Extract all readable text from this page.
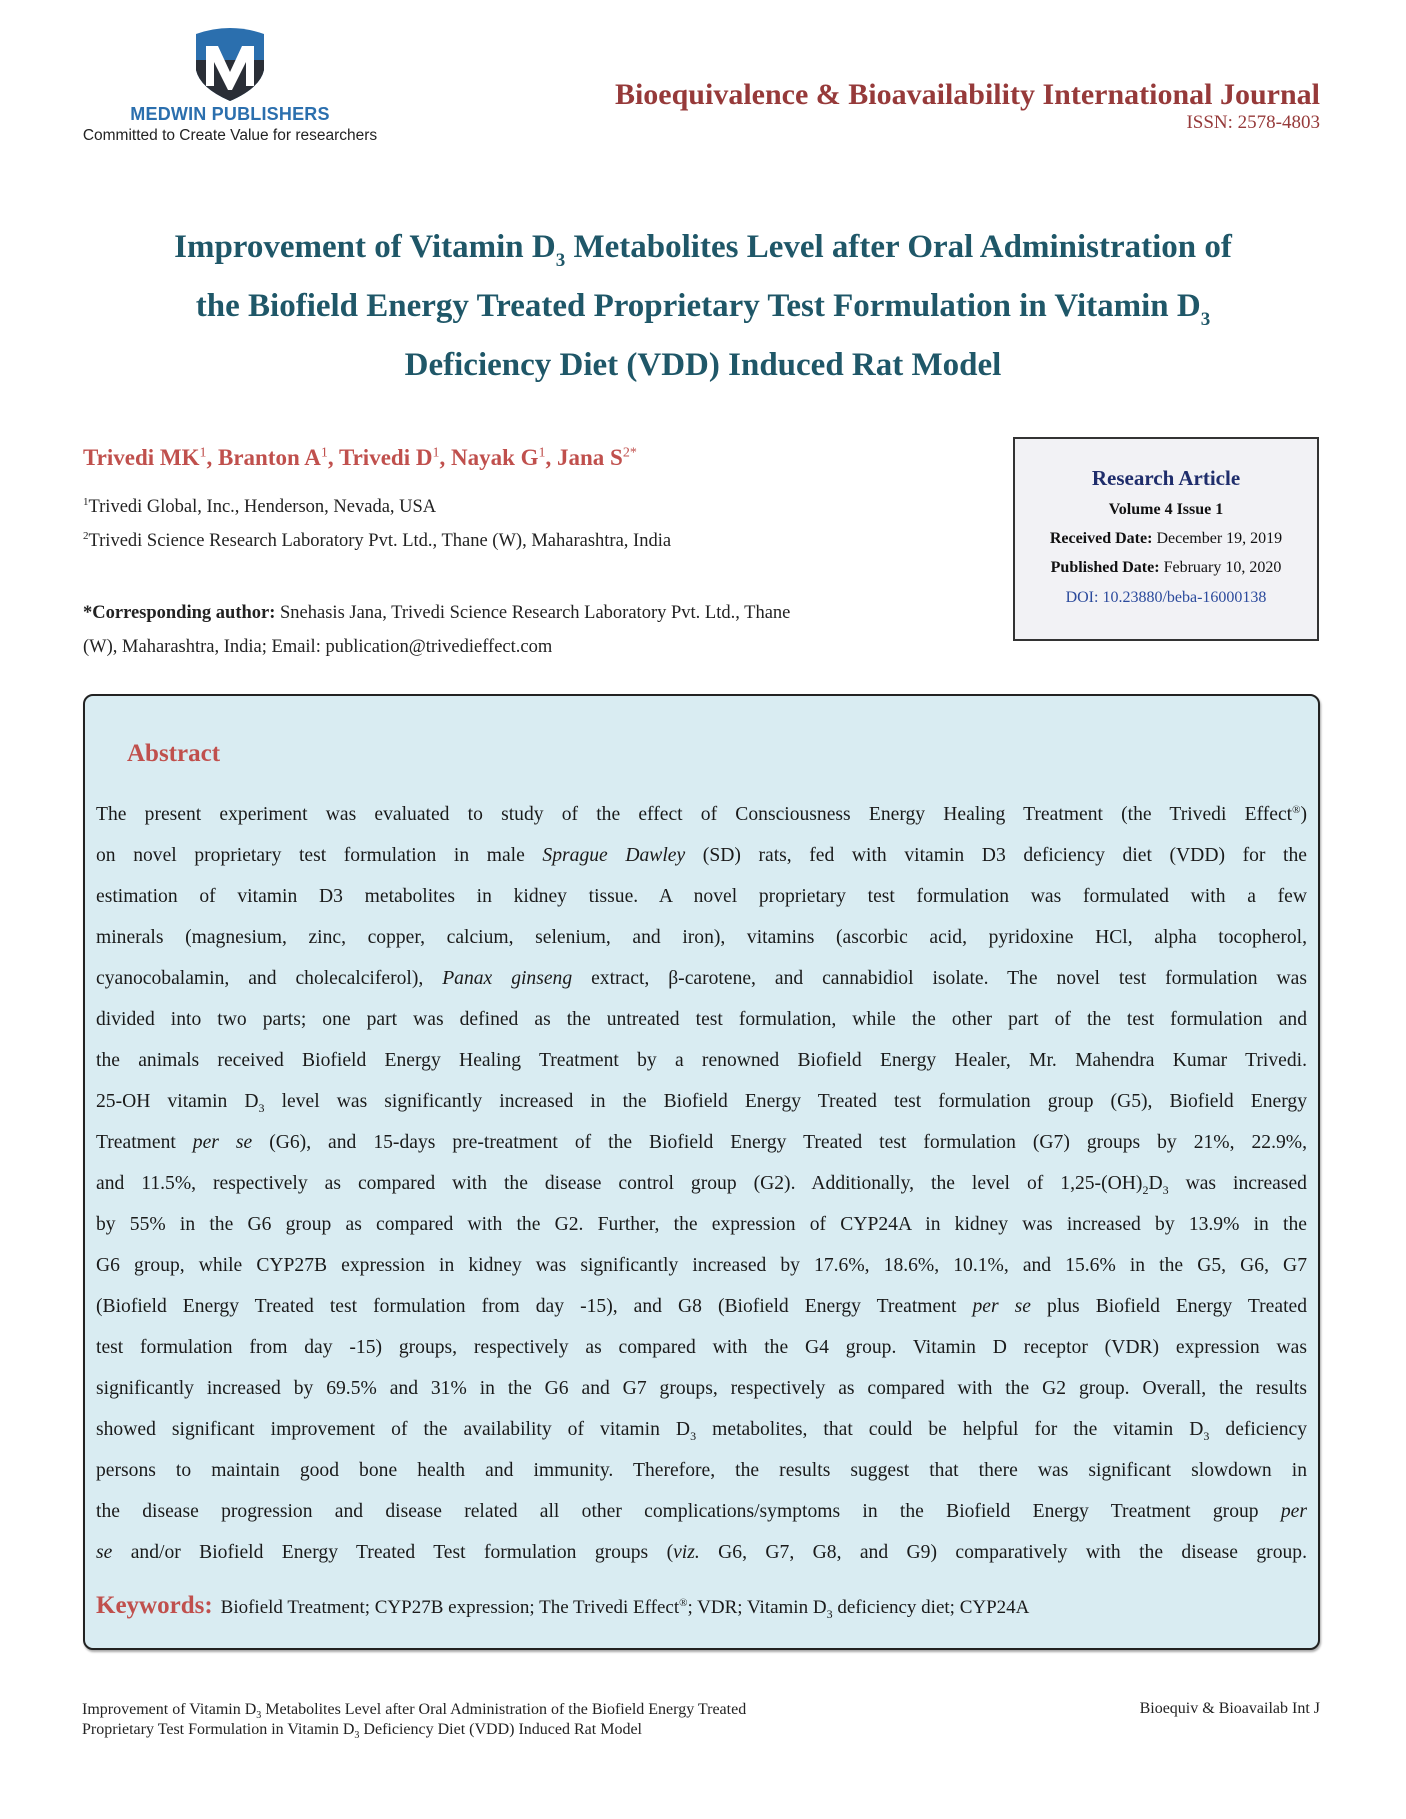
MEDWIN PUBLISHERS
Committed to Create Value for researchers
Bioequivalence & Bioavailability International Journal
ISSN: 2578-4803
Improvement of Vitamin $D_3$ Metabolites Level after Oral Administration of
the Biofield Energy Treated Proprietary Test Formulation in Vitamin $D_3$
Deficiency Diet (VDD) Induced Rat Model
Trivedi $MK^1$, Branton $A^1$, Trivedi $D^1$, Nayak $G^1$, Jana $S^{2*}$
$^1$Trivedi Global, Inc., Henderson, Nevada, USA
$^2$Trivedi Science Research Laboratory Pvt. Ltd., Thane (W), Maharashtra, India
*Corresponding author: Snehasis Jana, Trivedi Science Research Laboratory Pvt. Ltd., Thane
(W), Maharashtra, India; Email: publication@trivedieffect.com
Research Article
Volume 4 Issue 1
Received Date: December 19, 2019
Published Date: February 10, 2020
DOI: 10.23880/beba-16000138
Abstract
The present experiment was evaluated to study of the effect of Consciousness Energy Healing Treatment (the Trivedi Effect®)
on novel proprietary test formulation in male Sprague Dawley (SD) rats, fed with vitamin D3 deficiency diet (VDD) for the
estimation of vitamin D3 metabolites in kidney tissue. A novel proprietary test formulation was formulated with a few
minerals (magnesium, zinc, copper, calcium, selenium, and iron), vitamins (ascorbic acid, pyridoxine HCl, alpha tocopherol,
cyanocobalamin, and cholecalciferol), Panax ginseng extract, β-carotene, and cannabidiol isolate. The novel test formulation was
divided into two parts; one part was defined as the untreated test formulation, while the other part of the test formulation and
the animals received Biofield Energy Healing Treatment by a renowned Biofield Energy Healer, Mr. Mahendra Kumar Trivedi.
25-OH vitamin $D_3$ level was significantly increased in the Biofield Energy Treated test formulation group (G5), Biofield Energy
Treatment per se (G6), and 15-days pre-treatment of the Biofield Energy Treated test formulation (G7) groups by 21%, 22.9%,
and 11.5%, respectively as compared with the disease control group (G2). Additionally, the level of $1,25-(OH)_2D_3$ was increased
by 55% in the G6 group as compared with the G2. Further, the expression of CYP24A in kidney was increased by 13.9% in the
G6 group, while CYP27B expression in kidney was significantly increased by 17.6%, 18.6%, 10.1%, and 15.6% in the G5, G6, G7
(Biofield Energy Treated test formulation from day -15), and G8 (Biofield Energy Treatment per se plus Biofield Energy Treated
test formulation from day -15) groups, respectively as compared with the G4 group. Vitamin D receptor (VDR) expression was
significantly increased by 69.5% and 31% in the G6 and G7 groups, respectively as compared with the G2 group. Overall, the results
showed significant improvement of the availability of vitamin $D_3$ metabolites, that could be helpful for the vitamin $D_3$ deficiency
persons to maintain good bone health and immunity. Therefore, the results suggest that there was significant slowdown in
the disease progression and disease related all other complications/symptoms in the Biofield Energy Treatment group per
se and/or Biofield Energy Treated Test formulation groups (viz. G6, G7, G8, and G9) comparatively with the disease group.
Keywords: Biofield Treatment; CYP27B expression; The Trivedi Effect®; VDR; Vitamin $D_3$ deficiency diet; CYP24A
Improvement of Vitamin $D_3$ Metabolites Level after Oral Administration of the Biofield Energy Treated
Proprietary Test Formulation in Vitamin $D_3$ Deficiency Diet (VDD) Induced Rat Model
Bioequiv & Bioavailab Int J
